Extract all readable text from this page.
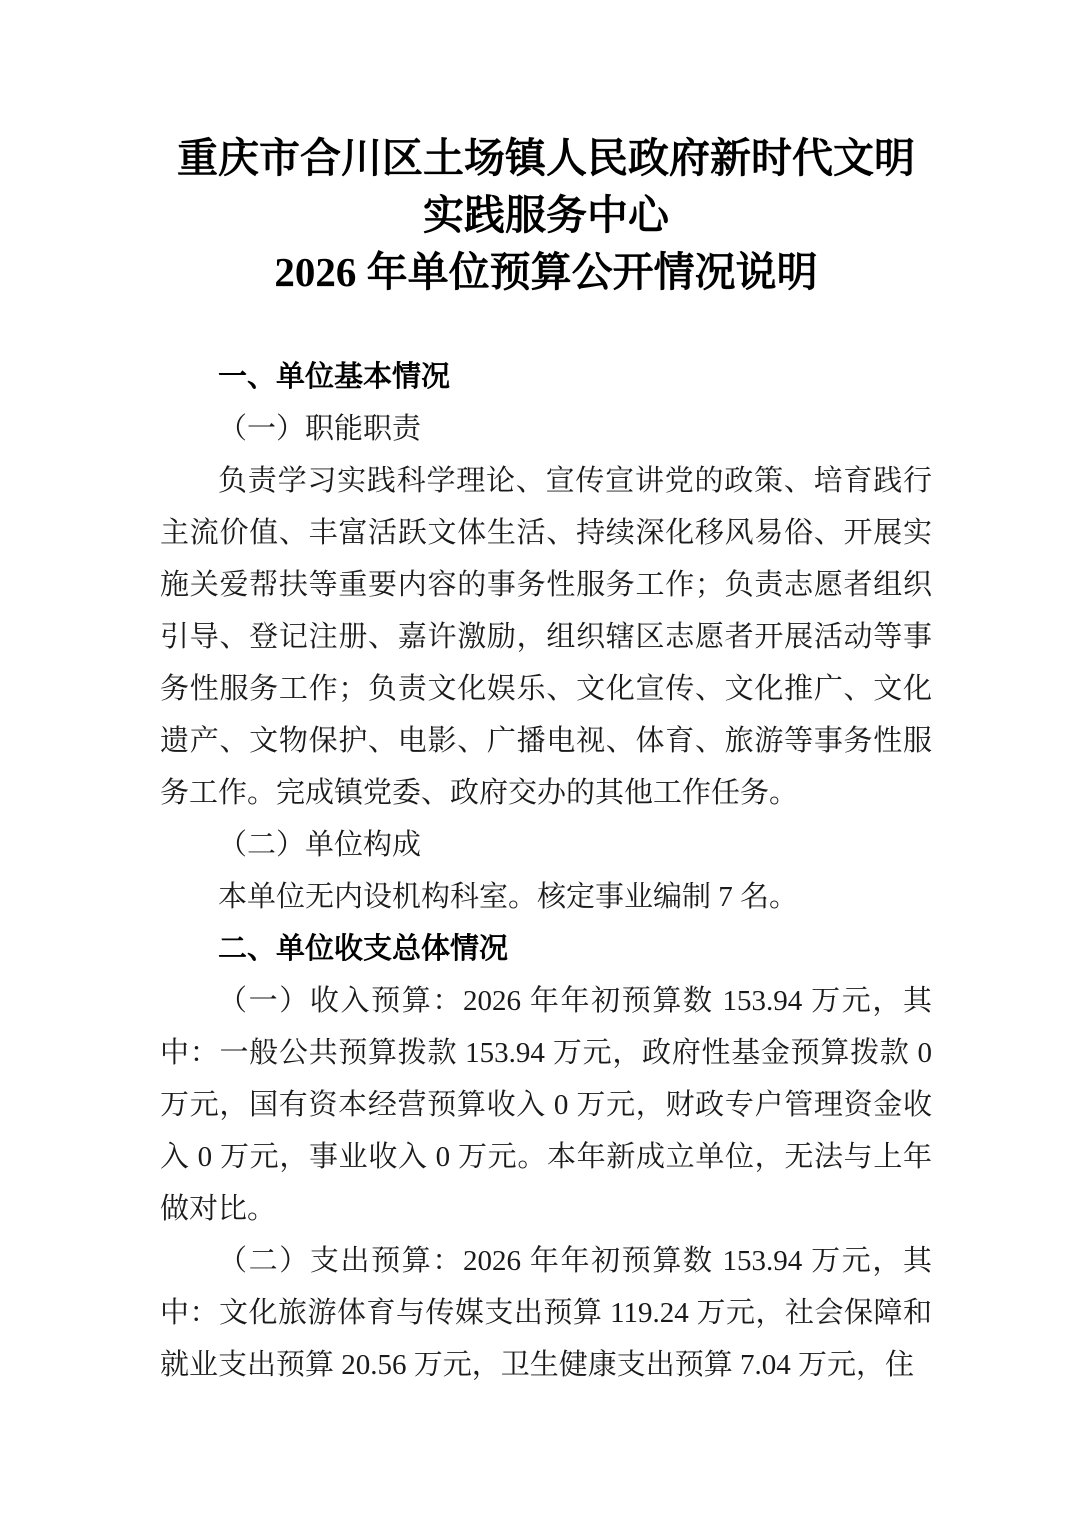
重庆市合川区土场镇人民政府新时代文明
实践服务中心
2026 年单位预算公开情况说明
一、单位基本情况

（一）职能职责

负责学习实践科学理论、宣传宣讲党的政策、培育践行主流价值、丰富活跃文体生活、持续深化移风易俗、开展实施关爱帮扶等重要内容的事务性服务工作；负责志愿者组织引导、登记注册、嘉许激励，组织辖区志愿者开展活动等事务性服务工作；负责文化娱乐、文化宣传、文化推广、文化遗产、文物保护、电影、广播电视、体育、旅游等事务性服务工作。完成镇党委、政府交办的其他工作任务。

（二）单位构成

本单位无内设机构科室。核定事业编制 7 名。

二、单位收支总体情况

（一）收入预算：2026 年年初预算数 153.94 万元，其中：一般公共预算拨款 153.94 万元，政府性基金预算拨款 0 万元，国有资本经营预算收入 0 万元，财政专户管理资金收入 0 万元，事业收入 0 万元。本年新成立单位，无法与上年做对比。

（二）支出预算：2026 年年初预算数 153.94 万元，其中：文化旅游体育与传媒支出预算 119.24 万元，社会保障和就业支出预算 20.56 万元，卫生健康支出预算 7.04 万元，住
